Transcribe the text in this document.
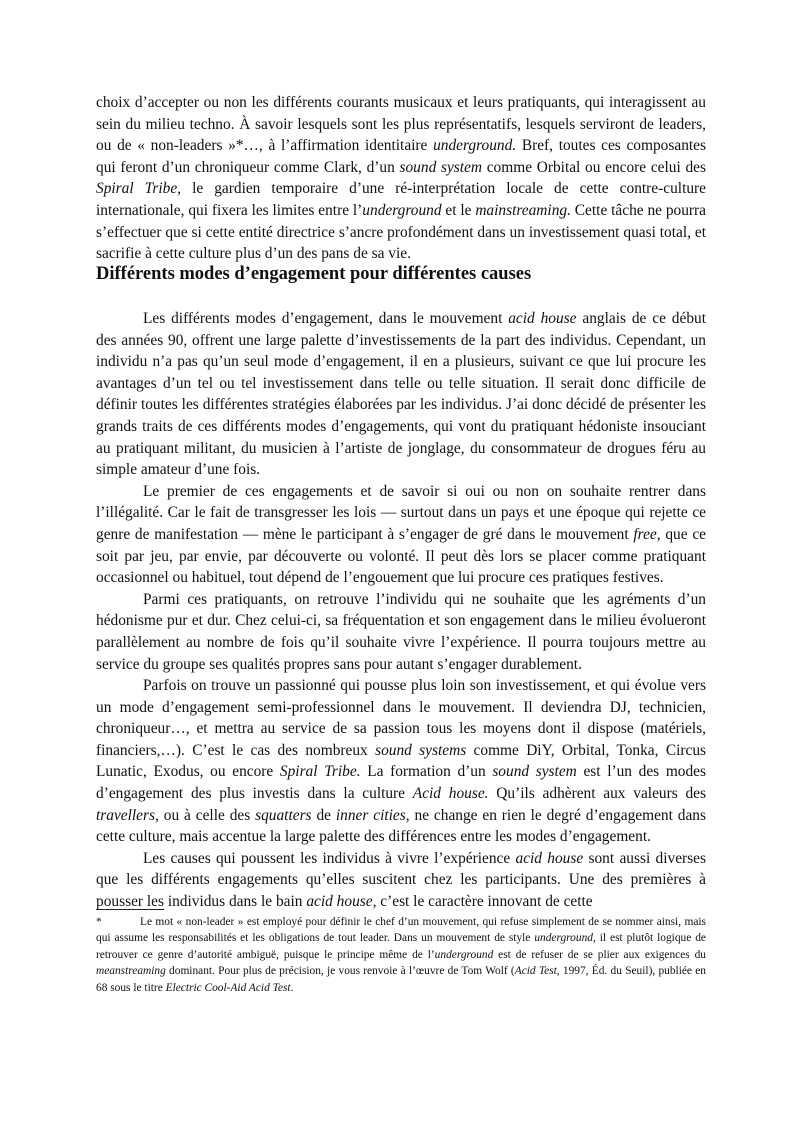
choix d’accepter ou non les différents courants musicaux et leurs pratiquants, qui interagissent au sein du milieu techno. À savoir lesquels sont les plus représentatifs, lesquels serviront de leaders, ou de « non-leaders »*…, à l’affirmation identitaire underground. Bref, toutes ces composantes qui feront d’un chroniqueur comme Clark, d’un sound system comme Orbital ou encore celui des Spiral Tribe, le gardien temporaire d’une ré-interprétation locale de cette contre-culture internationale, qui fixera les limites entre l’underground et le mainstreaming. Cette tâche ne pourra s’effectuer que si cette entité directrice s’ancre profondément dans un investissement quasi total, et sacrifie à cette culture plus d’un des pans de sa vie.

Différents modes d’engagement pour différentes causes

Les différents modes d’engagement, dans le mouvement acid house anglais de ce début des années 90, offrent une large palette d’investissements de la part des individus. Cependant, un individu n’a pas qu’un seul mode d’engagement, il en a plusieurs, suivant ce que lui procure les avantages d’un tel ou tel investissement dans telle ou telle situation. Il serait donc difficile de définir toutes les différentes stratégies élaborées par les individus. J’ai donc décidé de présenter les grands traits de ces différents modes d’engagements, qui vont du pratiquant hédoniste insouciant au pratiquant militant, du musicien à l’artiste de jonglage, du consommateur de drogues féru au simple amateur d’une fois.

Le premier de ces engagements et de savoir si oui ou non on souhaite rentrer dans l’illégalité. Car le fait de transgresser les lois — surtout dans un pays et une époque qui rejette ce genre de manifestation — mène le participant à s’engager de gré dans le mouvement free, que ce soit par jeu, par envie, par découverte ou volonté. Il peut dès lors se placer comme pratiquant occasionnel ou habituel, tout dépend de l’engouement que lui procure ces pratiques festives.

Parmi ces pratiquants, on retrouve l’individu qui ne souhaite que les agréments d’un hédonisme pur et dur. Chez celui-ci, sa fréquentation et son engagement dans le milieu évolueront parallèlement au nombre de fois qu’il souhaite vivre l’expérience. Il pourra toujours mettre au service du groupe ses qualités propres sans pour autant s’engager durablement.

Parfois on trouve un passionné qui pousse plus loin son investissement, et qui évolue vers un mode d’engagement semi-professionnel dans le mouvement. Il deviendra DJ, technicien, chroniqueur…, et mettra au service de sa passion tous les moyens dont il dispose (matériels, financiers,…). C’est le cas des nombreux sound systems comme DiY, Orbital, Tonka, Circus Lunatic, Exodus, ou encore Spiral Tribe. La formation d’un sound system est l’un des modes d’engagement des plus investis dans la culture Acid house. Qu’ils adhèrent aux valeurs des travellers, ou à celle des squatters de inner cities, ne change en rien le degré d’engagement dans cette culture, mais accentue la large palette des différences entre les modes d’engagement.

Les causes qui poussent les individus à vivre l’expérience acid house sont aussi diverses que les différents engagements qu’elles suscitent chez les participants. Une des premières à pousser les individus dans le bain acid house, c’est le caractère innovant de cette

*	Le mot « non-leader » est employé pour définir le chef d’un mouvement, qui refuse simplement de se nommer ainsi, mais qui assume les responsabilités et les obligations de tout leader. Dans un mouvement de style underground, il est plutôt logique de retrouver ce genre d’autorité ambiguë, puisque le principe même de l’underground est de refuser de se plier aux exigences du meanstreaming dominant. Pour plus de précision, je vous renvoie à l’œuvre de Tom Wolf (Acid Test, 1997, Éd. du Seuil), publiée en 68 sous le titre Electric Cool-Aid Acid Test.
